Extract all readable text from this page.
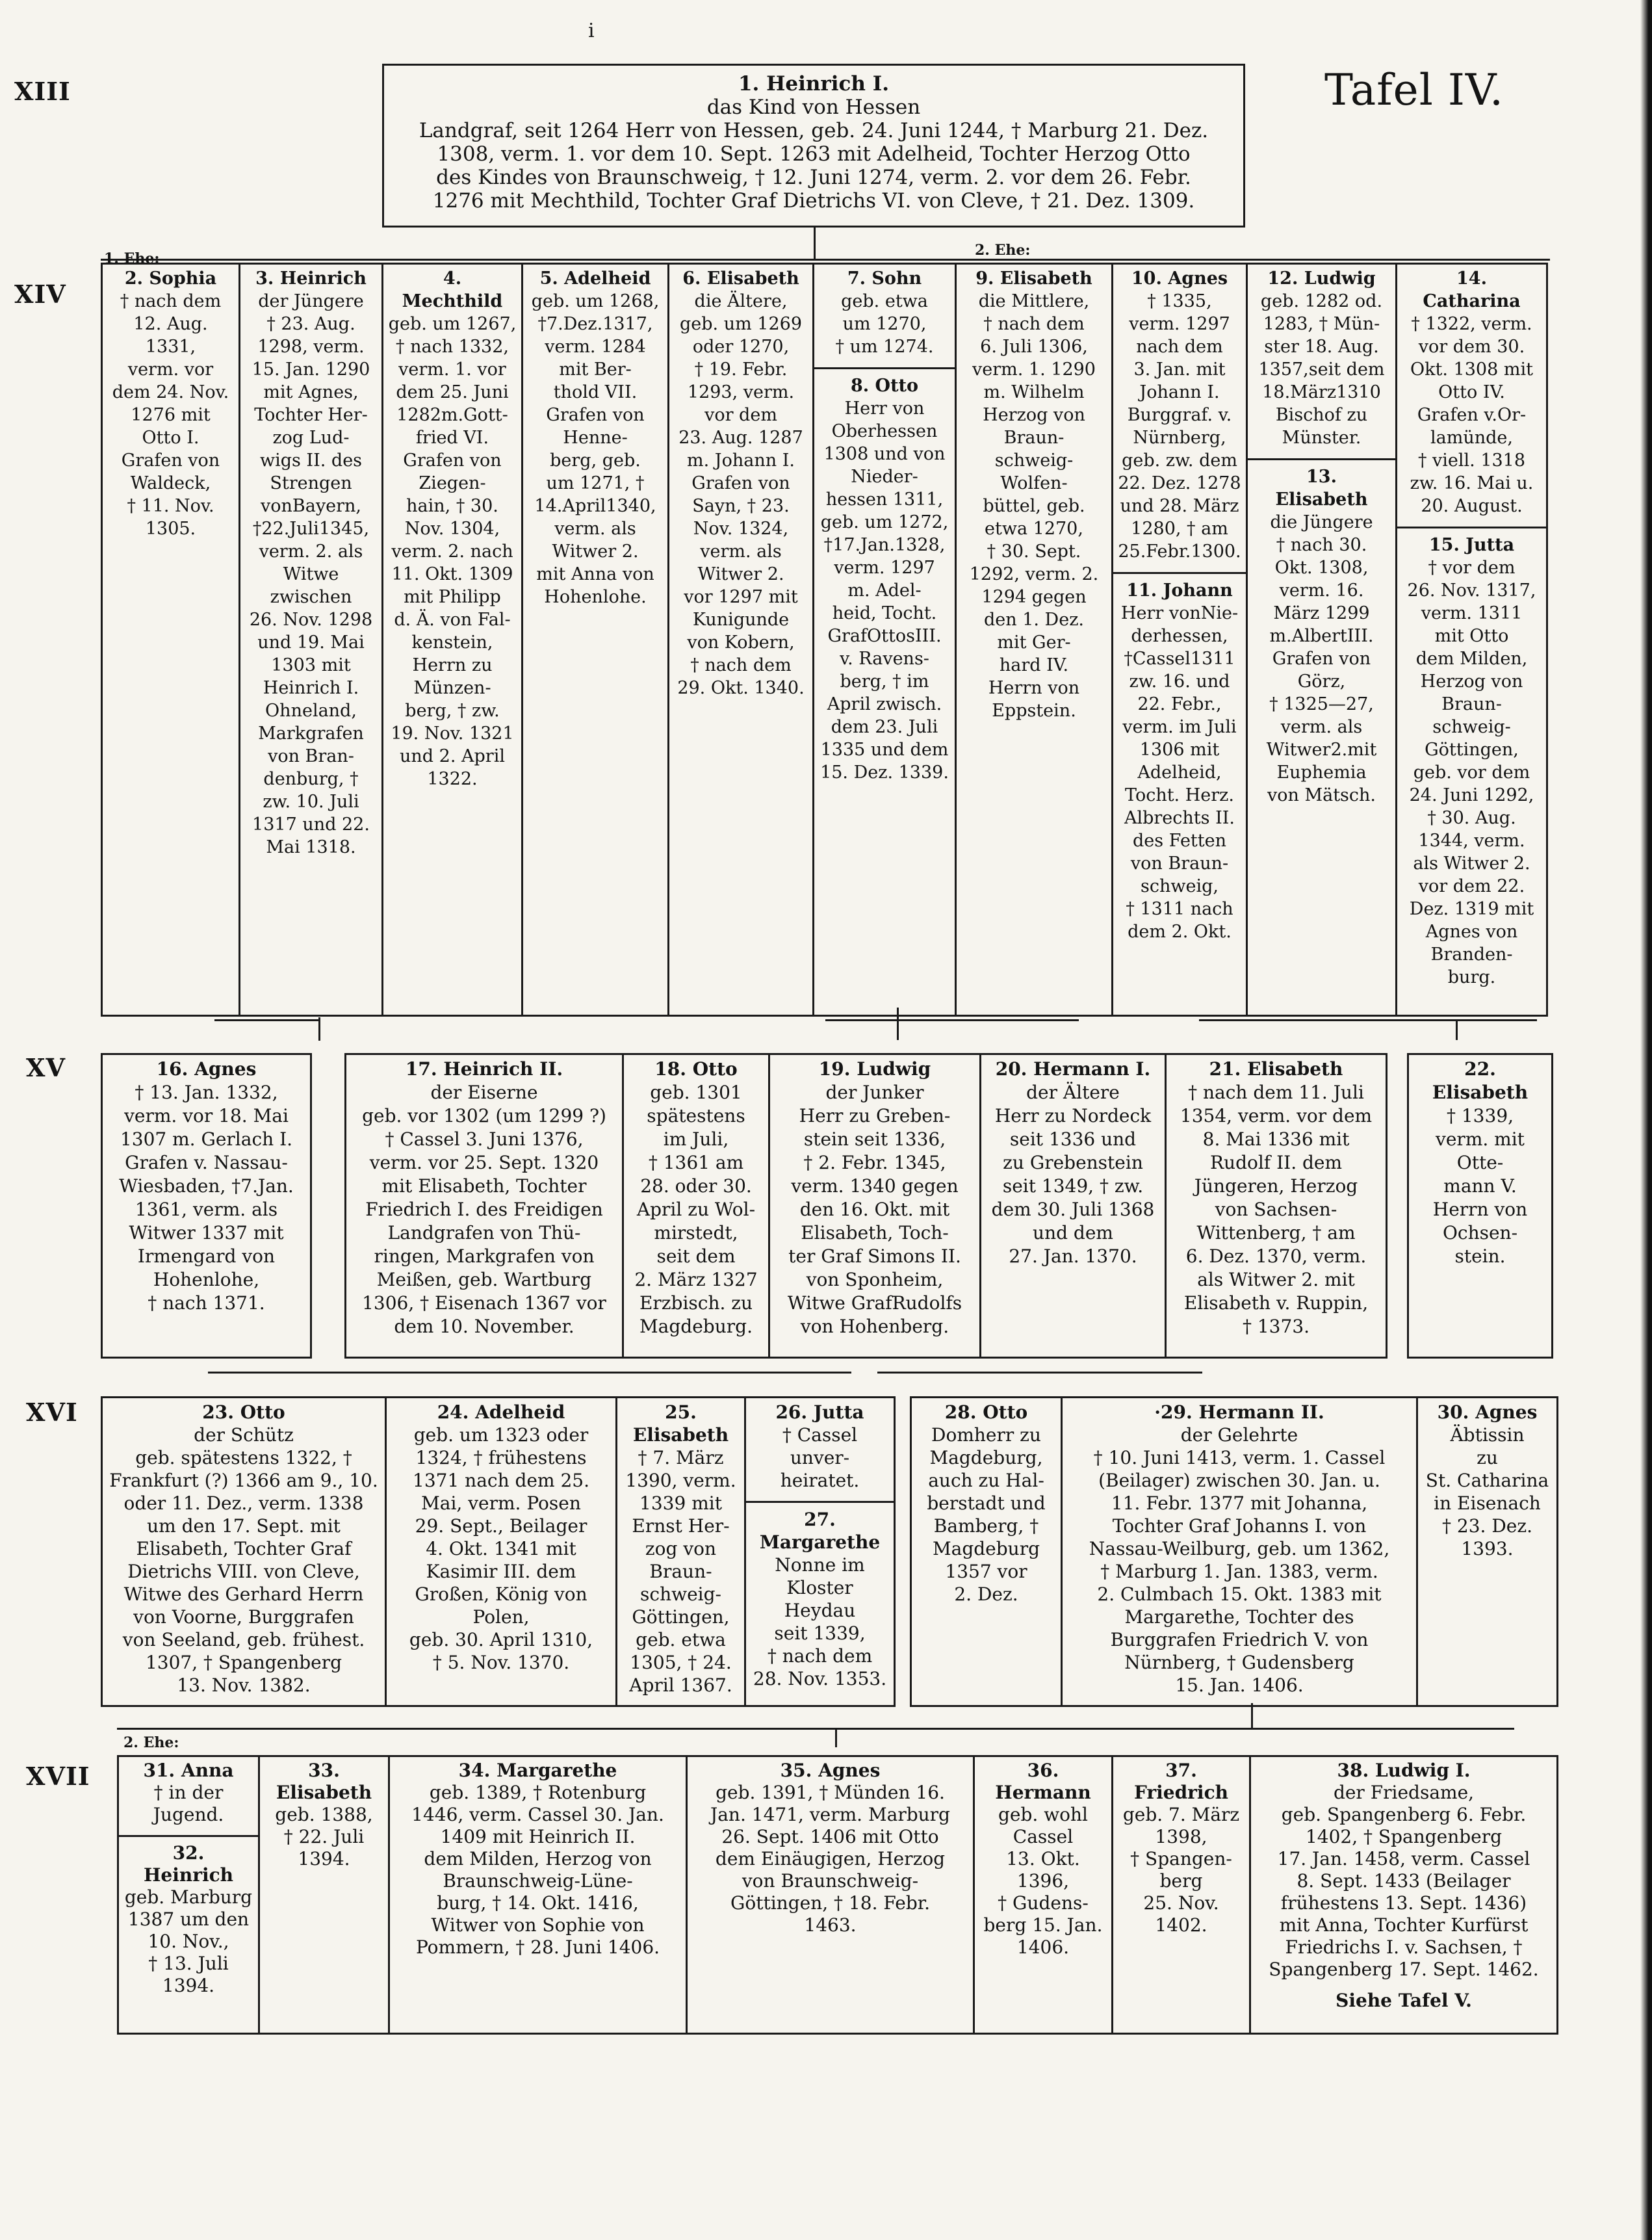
i
Tafel IV.
XIII
XIV
XV
XVI
XVII
1. Heinrich I.
das Kind von Hessen
Landgraf, seit 1264 Herr von Hessen, geb. 24. Juni 1244, † Marburg 21. Dez.
1308, verm. 1. vor dem 10. Sept. 1263 mit Adelheid, Tochter Herzog Otto
des Kindes von Braunschweig, † 12. Juni 1274, verm. 2. vor dem 26. Febr.
1276 mit Mechthild, Tochter Graf Dietrichs VI. von Cleve, † 21. Dez. 1309.
1. Ehe:	2. Ehe:
2. Sophia
† nach dem
12. Aug. 1331,
verm. vor
dem 24. Nov.
1276 mit
Otto I.
Grafen von
Waldeck,
† 11. Nov.
1305.
3. Heinrich
der Jüngere
† 23. Aug.
1298, verm.
15. Jan. 1290
mit Agnes,
Tochter Her-
zog Lud-
wigs II. des
Strengen
vonBayern,
†22.Juli1345,
verm. 2. als
Witwe
zwischen
26. Nov. 1298
und 19. Mai
1303 mit
Heinrich I.
Ohneland,
Markgrafen
von Bran-
denburg, †
zw. 10. Juli
1317 und 22.
Mai 1318.
4.
Mechthild
geb. um 1267,
† nach 1332,
verm. 1. vor
dem 25. Juni
1282m.Gott-
fried VI.
Grafen von
Ziegen-
hain, † 30.
Nov. 1304,
verm. 2. nach
11. Okt. 1309
mit Philipp
d. Ä. von Fal-
kenstein,
Herrn zu
Münzen-
berg, † zw.
19. Nov. 1321
und 2. April
1322.
5. Adelheid
geb. um 1268,
†7.Dez.1317,
verm. 1284
mit Ber-
thold VII.
Grafen von
Henne-
berg, geb.
um 1271, †
14.April1340,
verm. als
Witwer 2.
mit Anna von
Hohenlohe.
6. Elisabeth
die Ältere,
geb. um 1269
oder 1270,
† 19. Febr.
1293, verm.
vor dem
23. Aug. 1287
m. Johann I.
Grafen von
Sayn, † 23.
Nov. 1324,
verm. als
Witwer 2.
vor 1297 mit
Kunigunde
von Kobern,
† nach dem
29. Okt. 1340.
7. Sohn
geb. etwa
um 1270,
† um 1274.
8. Otto
Herr von
Oberhessen
1308 und von
Nieder-
hessen 1311,
geb. um 1272,
†17.Jan.1328,
verm. 1297
m. Adel-
heid, Tocht.
GrafOttosIII.
v. Ravens-
berg, † im
April zwisch.
dem 23. Juli
1335 und dem
15. Dez. 1339.
9. Elisabeth
die Mittlere,
† nach dem
6. Juli 1306,
verm. 1. 1290
m. Wilhelm
Herzog von
Braun-
schweig-
Wolfen-
büttel, geb.
etwa 1270,
† 30. Sept.
1292, verm. 2.
1294 gegen
den 1. Dez.
mit Ger-
hard IV.
Herrn von
Eppstein.
10. Agnes
† 1335,
verm. 1297
nach dem
3. Jan. mit
Johann I.
Burggraf. v.
Nürnberg,
geb. zw. dem
22. Dez. 1278
und 28. März
1280, † am
25.Febr.1300.
11. Johann
Herr vonNie-
derhessen,
†Cassel1311
zw. 16. und
22. Febr.,
verm. im Juli
1306 mit
Adelheid,
Tocht. Herz.
Albrechts II.
des Fetten
von Braun-
schweig,
† 1311 nach
dem 2. Okt.
12. Ludwig
geb. 1282 od.
1283, † Mün-
ster 18. Aug.
1357,seit dem
18.März1310
Bischof zu
Münster.
13.
Elisabeth
die Jüngere
† nach 30.
Okt. 1308,
verm. 16.
März 1299
m.AlbertIII.
Grafen von
Görz,
† 1325—27,
verm. als
Witwer2.mit
Euphemia
von Mätsch.
14.
Catharina
† 1322, verm.
vor dem 30.
Okt. 1308 mit
Otto IV.
Grafen v.Or-
lamünde,
† viell. 1318
zw. 16. Mai u.
20. August.
15. Jutta
† vor dem
26. Nov. 1317,
verm. 1311
mit Otto
dem Milden,
Herzog von
Braun-
schweig-
Göttingen,
geb. vor dem
24. Juni 1292,
† 30. Aug.
1344, verm.
als Witwer 2.
vor dem 22.
Dez. 1319 mit
Agnes von
Branden-
burg.
16. Agnes
† 13. Jan. 1332,
verm. vor 18. Mai
1307 m. Gerlach I.
Grafen v. Nassau-
Wiesbaden, †7.Jan.
1361, verm. als
Witwer 1337 mit
Irmengard von
Hohenlohe,
† nach 1371.
17. Heinrich II.
der Eiserne
geb. vor 1302 (um 1299 ?)
† Cassel 3. Juni 1376,
verm. vor 25. Sept. 1320
mit Elisabeth, Tochter
Friedrich I. des Freidigen
Landgrafen von Thü-
ringen, Markgrafen von
Meißen, geb. Wartburg
1306, † Eisenach 1367 vor
dem 10. November.
18. Otto
geb. 1301
spätestens
im Juli,
† 1361 am
28. oder 30.
April zu Wol-
mirstedt,
seit dem
2. März 1327
Erzbisch. zu
Magdeburg.
19. Ludwig
der Junker
Herr zu Greben-
stein seit 1336,
† 2. Febr. 1345,
verm. 1340 gegen
den 16. Okt. mit
Elisabeth, Toch-
ter Graf Simons II.
von Sponheim,
Witwe GrafRudolfs
von Hohenberg.
20. Hermann I.
der Ältere
Herr zu Nordeck
seit 1336 und
zu Grebenstein
seit 1349, † zw.
dem 30. Juli 1368
und dem
27. Jan. 1370.
21. Elisabeth
† nach dem 11. Juli
1354, verm. vor dem
8. Mai 1336 mit
Rudolf II. dem
Jüngeren, Herzog
von Sachsen-
Wittenberg, † am
6. Dez. 1370, verm.
als Witwer 2. mit
Elisabeth v. Ruppin,
† 1373.
22.
Elisabeth
† 1339,
verm. mit
Otte-
mann V.
Herrn von
Ochsen-
stein.
23. Otto
der Schütz
geb. spätestens 1322, †
Frankfurt (?) 1366 am 9., 10.
oder 11. Dez., verm. 1338
um den 17. Sept. mit
Elisabeth, Tochter Graf
Dietrichs VIII. von Cleve,
Witwe des Gerhard Herrn
von Voorne, Burggrafen
von Seeland, geb. frühest.
1307, † Spangenberg
13. Nov. 1382.
24. Adelheid
geb. um 1323 oder
1324, † frühestens
1371 nach dem 25.
Mai, verm. Posen
29. Sept., Beilager
4. Okt. 1341 mit
Kasimir III. dem
Großen, König von
Polen,
geb. 30. April 1310,
† 5. Nov. 1370.
25.
Elisabeth
† 7. März
1390, verm.
1339 mit
Ernst Her-
zog von
Braun-
schweig-
Göttingen,
geb. etwa
1305, † 24.
April 1367.
26. Jutta
† Cassel
unver-
heiratet.
27.
Margarethe
Nonne im
Kloster
Heydau
seit 1339,
† nach dem
28. Nov. 1353.
28. Otto
Domherr zu
Magdeburg,
auch zu Hal-
berstadt und
Bamberg, †
Magdeburg
1357 vor
2. Dez.
·29. Hermann II.
der Gelehrte
† 10. Juni 1413, verm. 1. Cassel
(Beilager) zwischen 30. Jan. u.
11. Febr. 1377 mit Johanna,
Tochter Graf Johanns I. von
Nassau-Weilburg, geb. um 1362,
† Marburg 1. Jan. 1383, verm.
2. Culmbach 15. Okt. 1383 mit
Margarethe, Tochter des
Burggrafen Friedrich V. von
Nürnberg, † Gudensberg
15. Jan. 1406.
30. Agnes
Äbtissin
zu
St. Catharina
in Eisenach
† 23. Dez.
1393.
2. Ehe:
31. Anna
† in der
Jugend.
32.
Heinrich
geb. Marburg
1387 um den
10. Nov.,
† 13. Juli 1394.
33.
Elisabeth
geb. 1388,
† 22. Juli
1394.
34. Margarethe
geb. 1389, † Rotenburg
1446, verm. Cassel 30. Jan.
1409 mit Heinrich II.
dem Milden, Herzog von
Braunschweig-Lüne-
burg, † 14. Okt. 1416,
Witwer von Sophie von
Pommern, † 28. Juni 1406.
35. Agnes
geb. 1391, † Münden 16.
Jan. 1471, verm. Marburg
26. Sept. 1406 mit Otto
dem Einäugigen, Herzog
von Braunschweig-
Göttingen, † 18. Febr.
1463.
36.
Hermann
geb. wohl
Cassel
13. Okt. 1396,
† Gudens-
berg 15. Jan.
1406.
37.
Friedrich
geb. 7. März
1398,
† Spangen-
berg
25. Nov. 1402.
38. Ludwig I.
der Friedsame,
geb. Spangenberg 6. Febr.
1402, † Spangenberg
17. Jan. 1458, verm. Cassel
8. Sept. 1433 (Beilager
frühestens 13. Sept. 1436)
mit Anna, Tochter Kurfürst
Friedrichs I. v. Sachsen, †
Spangenberg 17. Sept. 1462.
Siehe Tafel V.
